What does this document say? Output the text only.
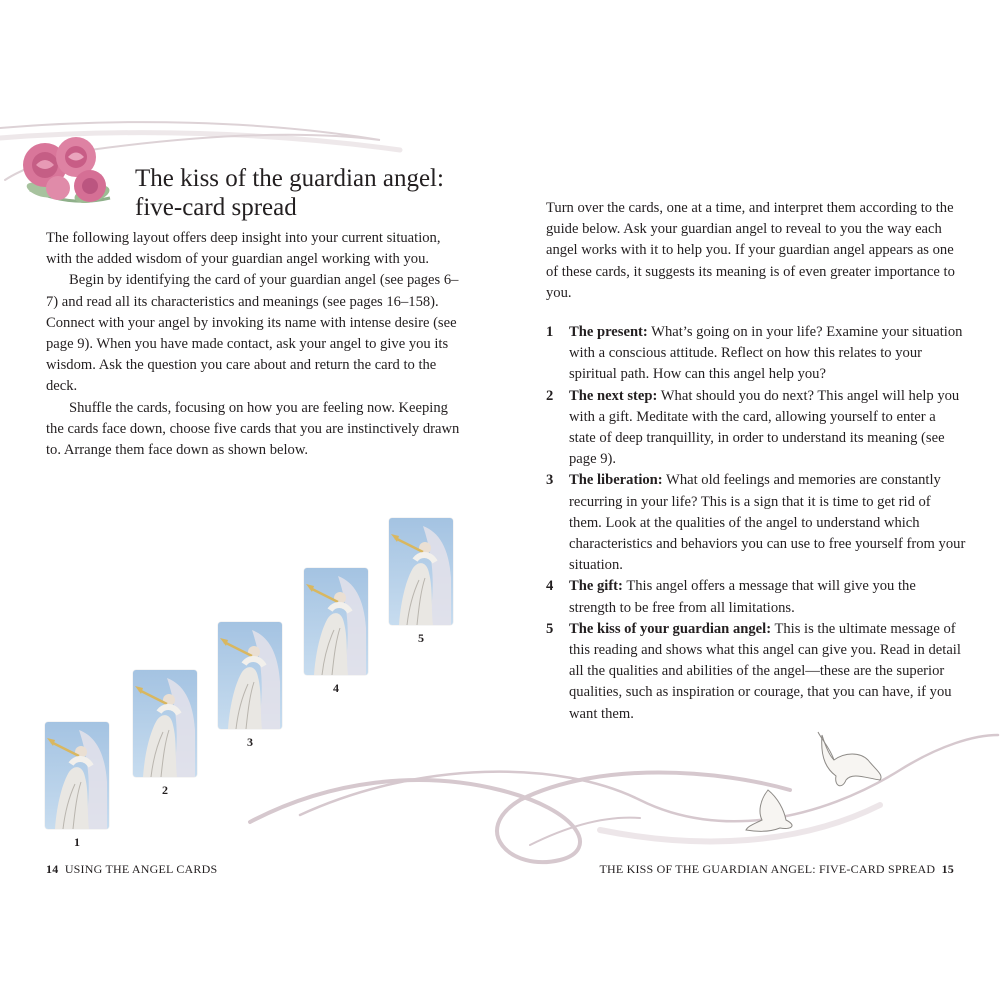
The kiss of the guardian angel:
five-card spread

The following layout offers deep insight into your current situation, with the added wisdom of your guardian angel working with you.

Begin by identifying the card of your guardian angel (see pages 6–7) and read all its characteristics and meanings (see pages 16–158). Connect with your angel by invoking its name with intense desire (see page 9). When you have made contact, ask your angel to give you its wisdom. Ask the question you care about and return the card to the deck.

Shuffle the cards, focusing on how you are feeling now. Keeping the cards face down, choose five cards that you are instinctively drawn to. Arrange them face down as shown below.

1
2
3
4
5

Turn over the cards, one at a time, and interpret them according to the guide below. Ask your guardian angel to reveal to you the way each angel works with it to help you. If your guardian angel appears as one of these cards, it suggests its meaning is of even greater importance to you.

1 The present: What’s going on in your life? Examine your situation with a conscious attitude. Reflect on how this relates to your spiritual path. How can this angel help you?
2 The next step: What should you do next? This angel will help you with a gift. Meditate with the card, allowing yourself to enter a state of deep tranquillity, in order to understand its meaning (see page 9).
3 The liberation: What old feelings and memories are constantly recurring in your life? This is a sign that it is time to get rid of them. Look at the qualities of the angel to understand which characteristics and behaviors you can use to free yourself from your situation.
4 The gift: This angel offers a message that will give you the strength to be free from all limitations.
5 The kiss of your guardian angel: This is the ultimate message of this reading and shows what this angel can give you. Read in detail all the qualities and abilities of the angel—these are the superior qualities, such as inspiration or courage, that you can have, if you want them.
14 USING THE ANGEL CARDS	THE KISS OF THE GUARDIAN ANGEL: FIVE-CARD SPREAD 15
